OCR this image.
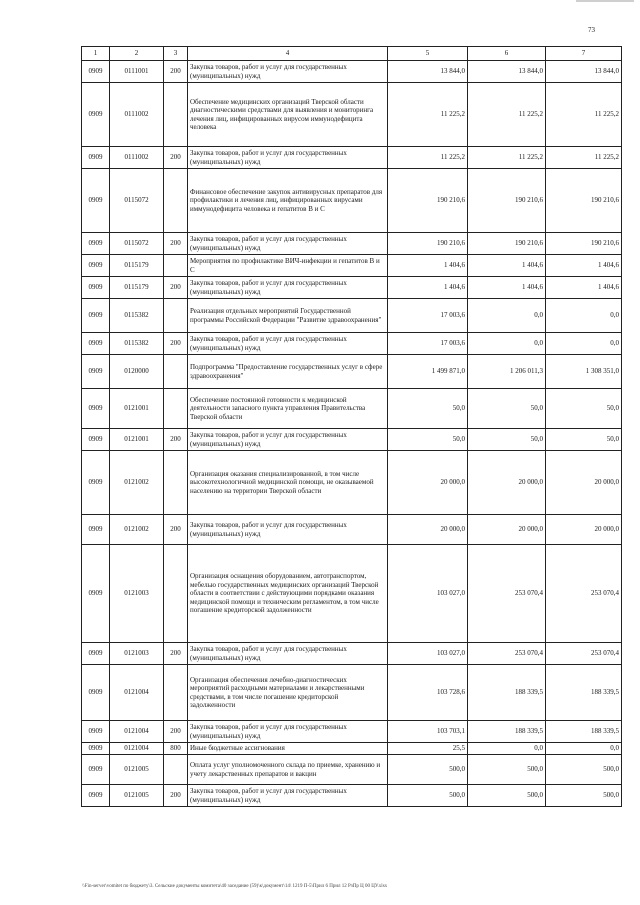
73
1	2	3	4	5	6	7
0909	0111001	200	Закупка товаров, работ и услуг для государственных (муниципальных) нужд	13 844,0	13 844,0	13 844,0
0909	0111002		Обеспечение медицинских организаций Тверской области диагностическими средствами для выявления и мониторинга лечения лиц, инфицированных вирусом иммунодефицита человека	11 225,2	11 225,2	11 225,2
0909	0111002	200	Закупка товаров, работ и услуг для государственных (муниципальных) нужд	11 225,2	11 225,2	11 225,2
0909	0115072		Финансовое обеспечение закупок антивирусных препаратов для профилактики и лечения лиц, инфицированных вирусами иммунодефицита человека и гепатитов В и С	190 210,6	190 210,6	190 210,6
0909	0115072	200	Закупка товаров, работ и услуг для государственных (муниципальных) нужд	190 210,6	190 210,6	190 210,6
0909	0115179		Мероприятия по профилактике ВИЧ-инфекции и гепатитов В и С	1 404,6	1 404,6	1 404,6
0909	0115179	200	Закупка товаров, работ и услуг для государственных (муниципальных) нужд	1 404,6	1 404,6	1 404,6
0909	0115382		Реализация отдельных мероприятий Государственной программы Российской Федерации "Развитие здравоохранения"	17 003,6	0,0	0,0
0909	0115382	200	Закупка товаров, работ и услуг для государственных (муниципальных) нужд	17 003,6	0,0	0,0
0909	0120000		Подпрограмма "Предоставление государственных услуг в сфере здравоохранения"	1 499 871,0	1 206 011,3	1 308 351,0
0909	0121001		Обеспечение постоянной готовности к медицинской деятельности запасного пункта управления Правительства Тверской области	50,0	50,0	50,0
0909	0121001	200	Закупка товаров, работ и услуг для государственных (муниципальных) нужд	50,0	50,0	50,0
0909	0121002		Организация оказания специализированной, в том числе высокотехнологичной медицинской помощи, не оказываемой населению на территории Тверской области	20 000,0	20 000,0	20 000,0
0909	0121002	200	Закупка товаров, работ и услуг для государственных (муниципальных) нужд	20 000,0	20 000,0	20 000,0
0909	0121003		Организация оснащения оборудованием, автотранспортом, мебелью государственных медицинских организаций Тверской области в соответствии с действующими порядками оказания медицинской помощи и техническим регламентом, в том числе погашение кредиторской задолженности	103 027,0	253 070,4	253 070,4
0909	0121003	200	Закупка товаров, работ и услуг для государственных (муниципальных) нужд	103 027,0	253 070,4	253 070,4
0909	0121004		Организация обеспечения лечебно-диагностических мероприятий расходными материалами и лекарственными средствами, в том числе погашение кредиторской задолженности	103 728,6	188 339,5	188 339,5
0909	0121004	200	Закупка товаров, работ и услуг для государственных (муниципальных) нужд	103 703,1	188 339,5	188 339,5
0909	0121004	800	Иные бюджетные ассигнования	25,5	0,0	0,0
0909	0121005		Оплата услуг уполномоченного склада по приемке, хранению и учету лекарственных препаратов и вакцин	500,0	500,0	500,0
0909	0121005	200	Закупка товаров, работ и услуг для государственных (муниципальных) нужд	500,0	500,0	500,0
\\Fin-server\vomitet по бюджету\3. Сельские документы комитета\40 заседание (59)\к\документ\14\ 1219 П-5\Прил 6 Прил 12 РзПр Ц 00 ЦУ.xlsx
